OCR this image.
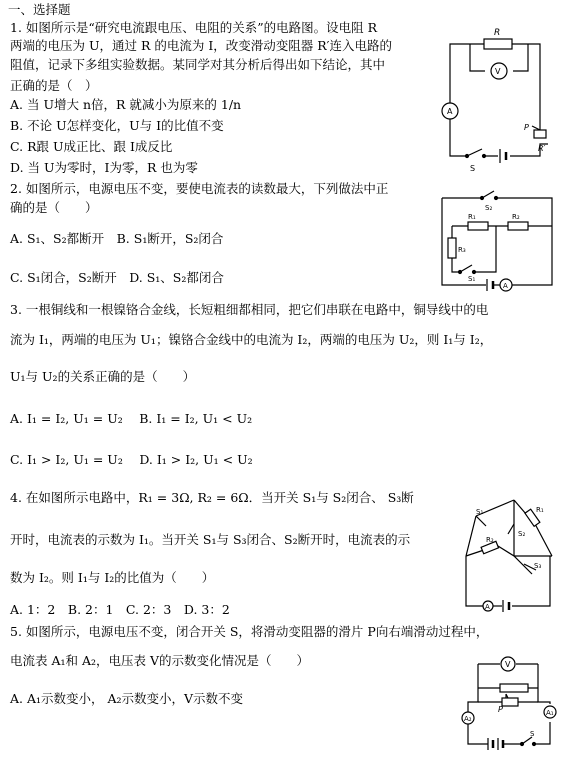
一、选择题
1. 如图所示是“研究电流跟电压、电阻的关系”的电路图。设电阻 R
两端的电压为 U，通过 R 的电流为 I，改变滑动变阻器 R′连入电路的
阻值，记录下多组实验数据。某同学对其分析后得出如下结论，其中
正确的是（　）
A. 当 U增大 n倍，R 就减小为原来的 1/n
B. 不论 U怎样变化，U与 I的比值不变
C. R跟 U成正比、跟 I成反比
D. 当 U为零时，I为零，R 也为零
2. 如图所示，电源电压不变，要使电流表的读数最大，下列做法中正
确的是（　　）
A. S₁、S₂都断开　B. S₁断开，S₂闭合
C. S₁闭合，S₂断开　D. S₁、S₂都闭合
3. 一根铜线和一根镍铬合金线，长短粗细都相同，把它们串联在电路中，铜导线中的电
流为 I₁，两端的电压为 U₁；镍铬合金线中的电流为 I₂，两端的电压为 U₂，则 I₁与 I₂，
U₁与 U₂的关系正确的是（　　）
A. I₁ = I₂, U₁ = U₂　 B. I₁ = I₂, U₁ < U₂
C. I₁ > I₂, U₁ = U₂　 D. I₁ > I₂, U₁ < U₂
4. 在如图所示电路中，R₁ = 3Ω, R₂ = 6Ω．当开关 S₁与 S₂闭合、 S₃断
开时，电流表的示数为 I₁。当开关 S₁与 S₃闭合、S₂断开时，电流表的示
数为 I₂。则 I₁与 I₂的比值为（　　）
A. 1：2　B. 2：1　C. 2：3　D. 3：2
5. 如图所示，电源电压不变，闭合开关 S，将滑动变阻器的滑片 P向右端滑动过程中，
电流表 A₁和 A₂，电压表 V的示数变化情况是（　　）
A. A₁示数变小， A₂示数变小，V示数不变
R
V
A
S
P
R′
S₂
R₁	R₂
R₃
S₁
A
S₁	R₁
S₂
R₂
S₃
A
V
A₁
A₂
P
S
